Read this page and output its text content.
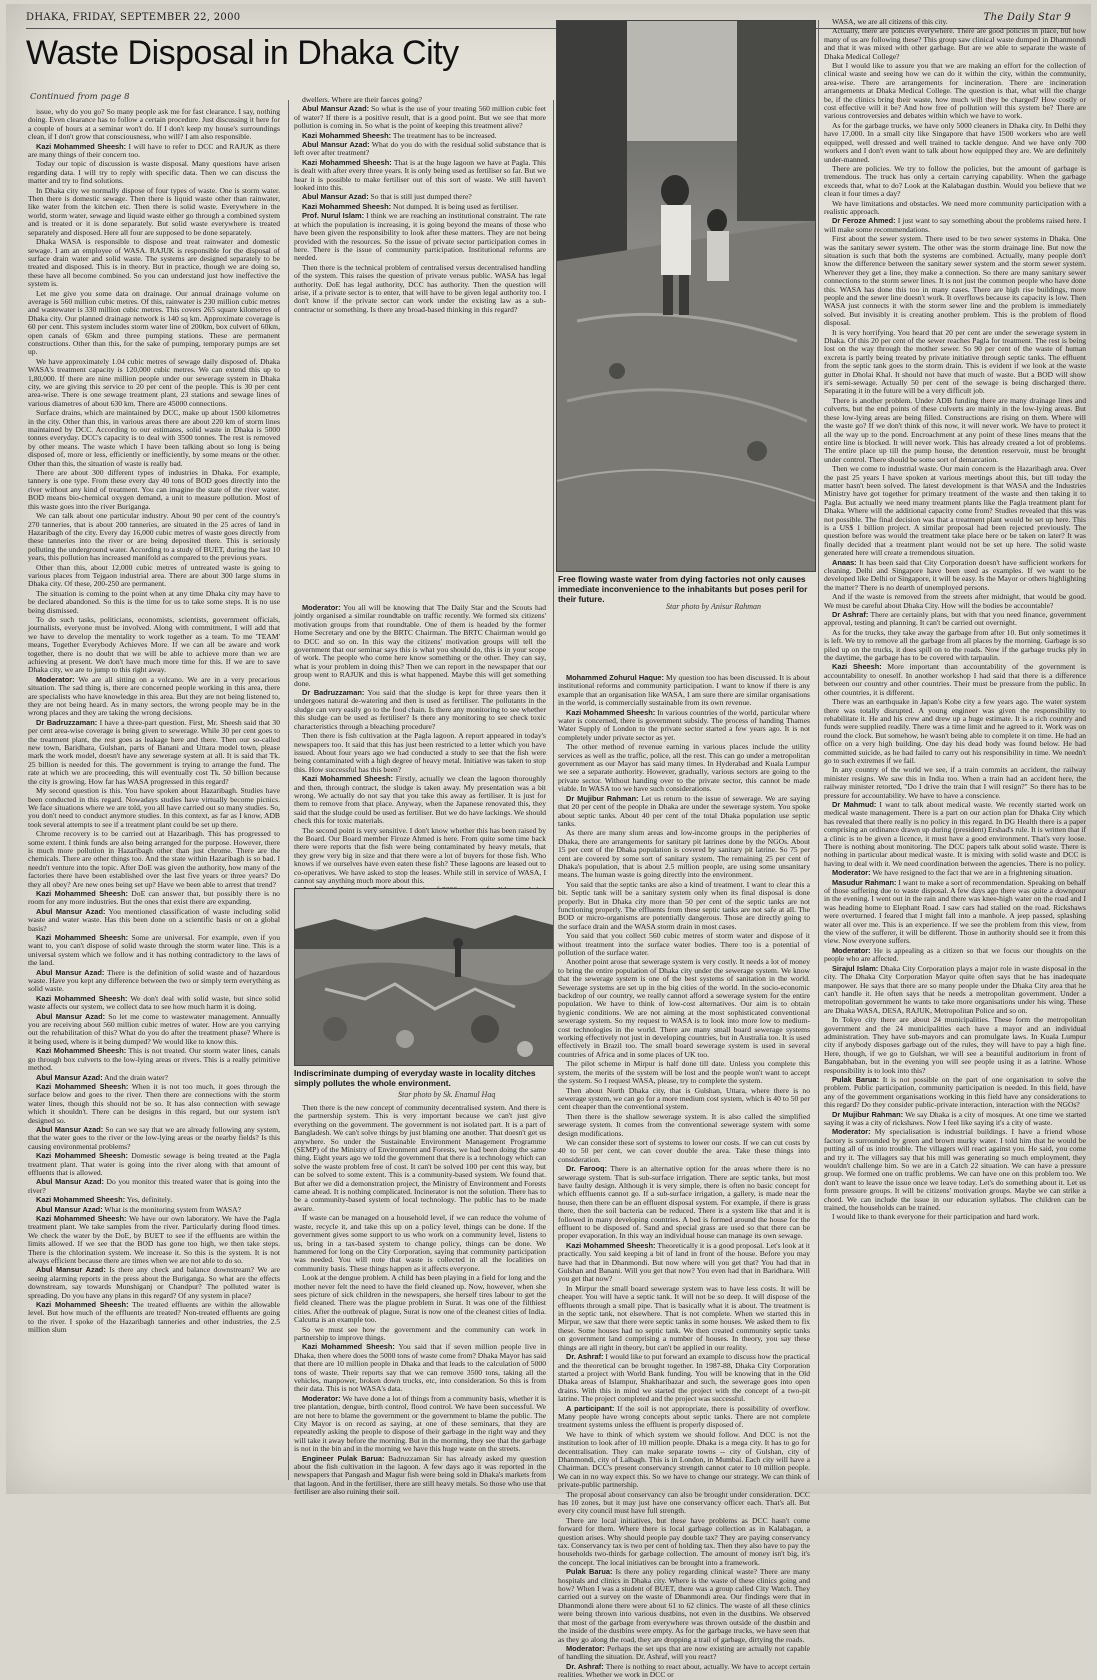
DHAKA, FRIDAY, SEPTEMBER 22, 2000	The Daily Star 9
Waste Disposal in Dhaka City
Continued from page 8

issue, why do you go? So many people ask me for fast clearance. I say, nothing doing. Even clearance has to follow a certain procedure. Just discussing it here for a couple of hours at a seminar won't do. If I don't keep my house's surroundings clean, if I don't grow that consciousness, who will? I am also responsible.

Kazi Mohammed Sheesh: I will have to refer to DCC and RAJUK as there are many things of their concern too.

Today our topic of discussion is waste disposal. Many questions have arisen regarding data. I will try to reply with specific data. Then we can discuss the matter and try to find solutions.

In Dhaka city we normally dispose of four types of waste. One is storm water. Then there is domestic sewage. Then there is liquid waste other than rainwater, like water from the kitchen etc. Then there is solid waste. Everywhere in the world, storm water, sewage and liquid waste either go through a combined system and is treated or it is done separately. But solid waste everywhere is treated separately and disposed. Here all four are supposed to be done separately.

Dhaka WASA is responsible to dispose and treat rainwater and domestic sewage. I am an employee of WASA. RAJUK is responsible for the disposal of surface drain water and solid waste. The systems are designed separately to be treated and disposed. This is in theory. But in practice, though we are doing so, these have all become combined. So you can understand just how ineffective the system is.

Let me give you some data on drainage. Our annual drainage volume on average is 560 million cubic metres. Of this, rainwater is 230 million cubic metres and wastewater is 330 million cubic metres. This covers 265 square kilometres of Dhaka city. Our planned drainage network is 140 sq km. Approximate coverage is 60 per cent. This system includes storm water line of 200km, box culvert of 60km, open canals of 65km and three pumping stations. These are permanent constructions. Other than this, for the sake of pumping, temporary pumps are set up.

We have approximately 1.04 cubic metres of sewage daily disposed of. Dhaka WASA's treatment capacity is 120,000 cubic metres. We can extend this up to 1,80,000. If there are nine million people under our sewerage system in Dhaka city, we are giving this service to 20 per cent of the people. This is 30 per cent area-wise. There is one sewage treatment plant, 23 stations and sewage lines of various diametres of about 630 km. There are 45000 connections.

Surface drains, which are maintained by DCC, make up about 1500 kilometres in the city. Other than this, in various areas there are about 220 km of storm lines maintained by DCC. According to our estimates, solid waste in Dhaka is 5000 tonnes everyday. DCC's capacity is to deal with 3500 tonnes. The rest is removed by other means. The waste which I have been talking about so long is being disposed of, more or less, efficiently or inefficiently, by some means or the other. Other than this, the situation of waste is really bad.

There are about 300 different types of industries in Dhaka. For example, tannery is one type. From these every day 40 tons of BOD goes directly into the river without any kind of treatment. You can imagine the state of the river water. BOD means bio-chemical oxygen demand, a unit to measure pollution. Most of this waste goes into the river Buriganga.

We can talk about one particular industry. About 90 per cent of the country's 270 tanneries, that is about 200 tanneries, are situated in the 25 acres of land in Hazaribagh of the city. Every day 16,000 cubic metres of waste goes directly from these tanneries into the river or are being deposited there. This is seriously polluting the underground water. According to a study of BUET, during the last 10 years, this pollution has increased manifold as compared to the previous years.

Other than this, about 12,000 cubic metres of untreated waste is going to various places from Tejgaon industrial area. There are about 300 large slums in Dhaka city. Of these, 200-250 are permanent.

The situation is coming to the point when at any time Dhaka city may have to be declared abandoned. So this is the time for us to take some steps. It is no use being dismissed.

To do such tasks, politicians, economists, scientists, government officials, journalists, everyone must be involved. Along with commitment, I will add that we have to develop the mentality to work together as a team. To me 'TEAM' means, Together Everybody Achieves More. If we can all be aware and work together, there is no doubt that we will be able to achieve more than we are achieving at present. We don't have much more time for this. If we are to save Dhaka city, we are to jump to this right away.

Moderator: We are all sitting on a volcano. We are in a very precarious situation. The sad thing is, there are concerned people working in this area, there are specialists who have knowledge in this area. But they are not being listened to, they are not being heard. As in many sectors, the wrong people may be in the wrong places and they are taking the wrong decisions.

Dr Badruzzaman: I have a three-part question. First, Mr. Sheesh said that 30 per cent area-wise coverage is being given to sewerage. While 30 per cent goes to the treatment plant, the rest goes as leakage here and there. Then our so-called new town, Baridhara, Gulshan, parts of Banani and Uttara model town, please mark the work model, doesn't have any sewerage system at all. It is said that Tk. 25 billion is needed for this. The government is trying to arrange the fund. The rate at which we are proceeding, this will eventually cost Tk. 50 billion because the city is growing. How far has WASA progressed in this regard?

My second question is this. You have spoken about Hazaribagh. Studies have been conducted in this regard. Nowadays studies have virtually become picnics. We face situations where we are told, you all have carried out so many studies. So, you don't need to conduct anymore studies. In this context, as far as I know, ADB took several attempts to see if a treatment plant could be set up there.

Chrome recovery is to be carried out at Hazaribagh. This has progressed to some extent. I think funds are also being arranged for the purpose. However, there is much more pollution in Hazaribagh other than just chrome. There are the chemicals. There are other things too. And the state within Hazaribagh is so bad. I needn't venture into the topic. After DoE was given the authority, how many of the factories there have been established over the last five years or three years? Do they all obey? Are new ones being set up? Have we been able to arrest that trend?

Kazi Mohammed Sheesh: DoE can answer that, but possibly there is no room for any more industries. But the ones that exist there are expanding.

Abul Mansur Azad: You mentioned classification of waste including solid waste and water waste. Has this been done on a scientific basis or on a global basis?

Kazi Mohammed Sheesh: Some are universal. For example, even if you want to, you can't dispose of solid waste through the storm water line. This is a universal system which we follow and it has nothing contradictory to the laws of the land.

Abul Mansur Azad: There is the definition of solid waste and of hazardous waste. Have you kept any difference between the two or simply term everything as solid waste.

Kazi Mohammed Sheesh: We don't deal with solid waste, but since solid waste affects our system, we collect data to see how much harm it is doing.

Abul Mansur Azad: So let me come to wastewater management. Annually you are receiving about 560 million cubic metres of water. How are you carrying out the rehabilitation of this? What do you do after the treatment phase? Where is it being used, where is it being dumped? We would like to know this.

Kazi Mohammed Sheesh: This is not treated. Our storm water lines, canals go through box culverts to the low-lying areas or rivers. This is a really primitive method.

Abul Mansur Azad: And the drain water?

Kazi Mohammed Sheesh: When it is not too much, it goes through the surface below and goes to the river. Then there are connections with the storm water lines, though this should not be so. It has also connection with sewage which it shouldn't. There can be designs in this regard, but our system isn't designed so.

Abul Mansur Azad: So can we say that we are already following any system, that the water goes to the river or the low-lying areas or the nearby fields? Is this causing environmental problems?

Kazi Mohammed Sheesh: Domestic sewage is being treated at the Pagla treatment plant. That water is going into the river along with that amount of effluents that is allowed.

Abul Mansur Azad: Do you monitor this treated water that is going into the river?

Kazi Mohammed Sheesh: Yes, definitely.

Abul Mansur Azad: What is the monitoring system from WASA?

Kazi Mohammed Sheesh: We have our own laboratory. We have the Pagla treatment plant. We take samples from the river. Particularly during flood times. We check the water by the DoE, by BUET to see if the effluents are within the limits allowed. If we see that the BOD has gone too high, we then take steps. There is the chlorination system. We increase it. So this is the system. It is not always efficient because there are times when we are not able to do so.

Abul Mansur Azad: Is there any check and balance downstream? We are seeing alarming reports in the press about the Buriganga. So what are the effects downstream, say towards Munshiganj or Chandpur? The polluted water is spreading. Do you have any plans in this regard? Of any system in place?

Kazi Mohammed Sheesh: The treated effluents are within the allowable level. But how much of the effluents are treated? Non-treated effluents are going to the river. I spoke of the Hazaribagh tanneries and other industries, the 2.5 million slum

dwellers. Where are their faeces going?

Abul Mansur Azad: So what is the use of your treating 560 million cubic feet of water? If there is a positive result, that is a good point. But we see that more pollution is coming in. So what is the point of keeping this treatment alive?

Kazi Mohammed Sheesh: The treatment has to be increased.

Abul Mansur Azad: What do you do with the residual solid substance that is left over after treatment?

Kazi Mohammed Sheesh: That is at the huge lagoon we have at Pagla. This is dealt with after every three years. It is only being used as fertiliser so far. But we hear it is possible to make fertiliser out of this sort of waste. We still haven't looked into this.

Abul Mansur Azad: So that is still just dumped there?

Kazi Mohammed Sheesh: Not dumped. It is being used as fertiliser.

Prof. Nurul Islam: I think we are reaching an institutional constraint. The rate at which the population is increasing, it is going beyond the means of those who have been given the responsibility to look after these matters. They are not being provided with the resources. So the issue of private sector participation comes in here. There is the issue of community participation. Institutional reforms are needed.

Then there is the technical problem of centralised versus decentralised handling of the system. This raises the question of private versus public. WASA has legal authority. DoE has legal authority, DCC has authority. Then the question will arise, if a private sector is to enter, that will have to be given legal authority too. I don't know if the private sector can work under the existing law as a sub-contractor or something. Is there any broad-based thinking in this regard?

Moderator: You all will be knowing that The Daily Star and the Scouts had jointly organised a similar roundtable on traffic recently. We formed six citizens' motivation groups from that roundtable. One of them is headed by the former Home Secretary and one by the BRTC Chairman. The BRTC Chairman would go to DCC and so on. In this way the citizens' motivation groups will tell the government that our seminar says this is what you should do, this is in your scope of work. The people who come here know something or the other. They can say, what is your problem in doing this? Then we can report in the newspaper that our group went to RAJUK and this is what happened. Maybe this will get something done.

Dr Badruzzaman: You said that the sludge is kept for three years then it undergoes natural de-watering and then is used as fertiliser. The pollutants in the sludge can very easily go to the food chain. Is there any monitoring to see whether this sludge can be used as fertiliser? Is there any monitoring to see check toxic characteristics through a bleaching procedure?

Then there is fish cultivation at the Pagla lagoon. A report appeared in today's newspapers too. It said that this has just been restricted to a letter which you have issued. About four years ago we had conducted a study to see that the fish were being contaminated with a high degree of heavy metal. Initiative was taken to stop this. How successful has this been?

Kazi Mohammed Sheesh: Firstly, actually we clean the lagoon thoroughly and then, through contract, the sludge is taken away. My presentation was a bit wrong. We actually do not say that you take this away as fertiliser. It is just for them to remove from that place. Anyway, when the Japanese renovated this, they said that the sludge could be used as fertiliser. But we do have lackings. We should check this for toxic materials.

The second point is very sensitive. I don't know whether this has been raised by the Board. Our Board member Firoze Ahmed is here. From quite some time back there were reports that the fish were being contaminated by heavy metals, that they grew very big in size and that there were a lot of buyers for those fish. Who knows if we ourselves have even eaten these fish? These lagoons are leased out to co-operatives. We have asked to stop the leases. While still in service of WASA, I cannot say anything much more about this.

Free flowing waste water from dying factories not only causes immediate inconvenience to the inhabitants but poses peril for their future.
Star photo by Anisur Rahman

Mohammed Zohurul Haque: My question too has been discussed. It is about institutional reforms and community participation. I want to know if there is any example that an organisation like WASA, I am sure there are similar organisations in the world, is commercially sustainable from its own revenue.

Kazi Mohammed Sheesh: In various countries of the world, particular where water is concerned, there is government subsidy. The process of handing Thames Water Supply of London to the private sector started a few years ago. It is not completely under private sector as yet.

The other method of revenue earning in various places include the utility services as well as the traffic, police, all the rest. This can go under a metropolitan government as our Mayor has said many times. In Hyderabad and Kuala Lumpur we see a separate authority. However, gradually, various sectors are going to the private sector. Without handing over to the private sector, this cannot be made viable. In WASA too we have such considerations.

Dr Mujibur Rahman: Let us return to the issue of sewerage. We are saying that 20 per cent of the people in Dhaka are under the sewerage system. You spoke about septic tanks. About 40 per cent of the total Dhaka population use septic tanks.

As there are many slum areas and low-income groups in the peripheries of Dhaka, there are arrangements for sanitary pit latrines done by the NGOs. About 15 per cent of the Dhaka population is covered by sanitary pit latrine. So 75 per cent are covered by some sort of sanitary system. The remaining 25 per cent of Dhaka's population, that is about 2.5 million people, are using some unsanitary means. The human waste is going directly into the environment.

You said that the septic tanks are also a kind of treatment. I want to clear this a bit. Septic tank will be a sanitary system only when its final disposal is done properly. But in Dhaka city more than 50 per cent of the septic tanks are not functioning properly. The effluents from these septic tanks are not safe at all. The BOD or micro-organisms are potentially dangerous. Those are directly going to the surface drain and the WASA storm drain in most cases.

You said that you collect 560 cubic metres of storm water and dispose of it without treatment into the surface water bodies. There too is a potential of pollution of the surface water.

Another point arose that sewerage system is very costly. It needs a lot of money to bring the entire population of Dhaka city under the sewerage system. We know that the sewerage system is one of the best systems of sanitation in the world. Sewerage systems are set up in the big cities of the world. In the socio-economic backdrop of our country, we really cannot afford a sewerage system for the entire population. We have to think of low-cost alternatives. Our aim is to obtain hygienic conditions. We are not aiming at the most sophisticated conventional sewerage system. So my request to WASA is to look into more low to medium-cost technologies in the world. There are many small board sewerage systems working effectively not just in developing countries, but in Australia too. It is used effectively in Brazil too. The small board sewerage system is used in several countries of Africa and in some places of UK too.

The pilot scheme in Mirpur is half done till date. Unless you complete this system, the merits of the system will be lost and the people won't want to accept the system. So I request WASA, please, try to complete the system.

Then about North Dhaka city, that is Gulshan, Uttara, where there is no sewerage system, we can go for a more medium cost system, which is 40 to 50 per cent cheaper than the conventional system.

Then there is the shallow sewerage system. It is also called the simplified sewerage system. It comes from the conventional sewerage system with some design modifications.

We can consider these sort of systems to lower our costs. If we can cut costs by 40 to 50 per cent, we can cover double the area. Take these things into consideration.

Dr. Farooq: There is an alternative option for the areas where there is no sewerage system. That is sub-surface irrigation. There are septic tanks, but most have faulty design. Although it is very simple, there is often no basic concept for which effluents cannot go. If a sub-surface irrigation, a gallery, is made near the house, then there can be an effluent disposal system. For example, if there is grass there, then the soil bacteria can be reduced. There is a system like that and it is followed in many developing countries. A bed is formed around the house for the effluent to be disposed of. Sand and special grass are used so that there can be proper evaporation. In this way an individual house can manage its own sewage.

Kazi Mohammed Sheesh: Theoretically it is a good proposal. Let's look at it practically. You said keeping a bit of land in front of the house. Before you may have had that in Dhanmondi. But now where will you get that? You had that in Gulshan and Banani. Will you get that now? You even had that in Baridhara. Will you get that now?

In Mirpur the small board sewerage system was to have less costs. It will be cheaper. You will have a septic tank. It will not be so deep. It will dispose of the effluents through a small pipe. That is basically what it is about. The treatment is in the septic tank, not elsewhere. That is not complete. When we started this in Mirpur, we saw that there were septic tanks in some houses. We asked them to fix these. Some houses had no septic tank. We then created community septic tanks on government land comprising a number of houses. In theory, you say these things are all right in theory, but can't be applied in our reality.

Dr. Ashraf: I would like to put forward an example to discuss how the practical and the theoretical can be brought together. In 1987-88, Dhaka City Corporation started a project with World Bank funding. You will be knowing that in the Old Dhaka areas of Islampur, Shakharibazar and such, the sewerage goes into open drains. With this in mind we started the project with the concept of a two-pit latrine. The project completed and the project was successful.

A participant: If the soil is not appropriate, there is possibility of overflow. Many people have wrong concepts about septic tanks. There are not complete treatment systems unless the effluent is properly disposed of.

We have to think of which system we should follow. And DCC is not the institution to look after of 10 million people. Dhaka is a mega city. It has to go for decentralisation. They can make separate towns -- city of Gulshan, city of Dhanmondi, city of Lalbagh. This is in London, in Mumbai. Each city will have a Chairman. DCC's present conservancy strength cannot cater to 10 million people. We can in no way expect this. So we have to change our strategy. We can think of private-public partnership.

The proposal about conservancy can also be brought under consideration. DCC has 10 zones, but it may just have one conservancy officer each. That's all. But every city council must have full strength.

There are local initiatives, but these have problems as DCC hasn't come forward for them. Where there is local garbage collection as in Kalabagan, a question arises. Why should people pay double tax? They are paying conservancy tax. Conservancy tax is two per cent of holding tax. Then they also have to pay the households two-thirds for garbage collection. The amount of money isn't big, it's the concept. The local initiatives can be brought into a framework.

Pulak Barua: Is there any policy regarding clinical waste? There are many hospitals and clinics in Dhaka city. Where is the waste of these clinics going and how? When I was a student of BUET, there was a group called City Watch. They carried out a survey on the waste of Dhanmondi area. Our findings were that in Dhanmondi alone there were about 61 to 62 clinics. The waste of all these clinics were being thrown into various dustbins, not even in the dustbins. We observed that most of the garbage from everywhere was thrown outside of the dustbin and the inside of the dustbins were empty. As for the garbage trucks, we have seen that as they go along the road, they are dropping a trail of garbage, dirtying the roads.

Moderator: Perhaps the set ups that are now existing are actually not capable of handling the situation. Dr. Ashraf, will you react?

Dr. Ashraf: There is nothing to react about, actually. We have to accept certain realities. Whether we work in DCC or

Indiscriminate dumping of everyday waste in locality ditches simply pollutes the whole environment.
Star photo by Sk. Enamul Haq

Then there is the new concept of community decentralised system. And there is the partnership system. This is very important because we can't just give everything on the government. The government is not isolated part. It is a part of Bangladesh. We can't solve things by just blaming one another. That doesn't get us anywhere. So under the Sustainable Environment Management Programme (SEMP) of the Ministry of Environment and Forests, we had been doing the same thing. Eight years ago we told the government that there is a technology which can solve the waste problem free of cost. It can't be solved 100 per cent this way, but can be solved to some extent. This is a community-based system. We found that. But after we did a demonstration project, the Ministry of Environment and Forests came ahead. It is nothing complicated. Incinerator is not the solution. There has to be a community-based system of local technology. The public has to be made aware.

If waste can be managed on a household level, if we can reduce the volume of waste, recycle it, and take this up on a policy level, things can be done. If the government gives some support to us who work on a community level, listens to us, bring in a tax-based system to change policy, things can be done. We hammered for long on the City Corporation, saying that community participation was needed. You will note that waste is collected in all the localities on community basis. These things happen as it affects everyone.

Look at the dengue problem. A child has been playing in a field for long and the mother never felt the need to have the field cleaned up. Now, however, when she sees picture of sick children in the newspapers, she herself tires labour to get the field cleaned. There was the plague problem in Surat. It was one of the filthiest cities. After the outbreak of plague, Surat is now one of the cleanest cities of India. Calcutta is an example too.

So we must see how the government and the community can work in partnership to improve things.

Kazi Mohammed Sheesh: You said that if seven million people live in Dhaka, then where does the 5000 tons of waste come from? Dhaka Mayor has said that there are 10 million people in Dhaka and that leads to the calculation of 5000 tons of waste. Their reports say that we can remove 3500 tons, taking all the vehicles, manpower, broken down trucks, etc, into consideration. So this is from their data. This is not WASA's data.

Moderator: We have done a lot of things from a community basis, whether it is tree plantation, dengue, birth control, flood control. We have been successful. We are not here to blame the government or the government to blame the public. The City Mayor is on record as saying, at one of these seminars, that they are repeatedly asking the people to dispose of their garbage in the right way and they will take it away before the morning. But in the morning, they see that the garbage is not in the bin and in the morning we have this huge waste on the streets.

Engineer Pulak Barua: Badruzzaman Sir has already asked my question about the fish cultivation in the lagoon. A few days ago it was reported in the newspapers that Pangash and Magur fish were being sold in Dhaka's markets from that lagoon. And in the fertiliser, there are still heavy metals. So those who use that fertiliser are also ruining their soil.

WASA, we are all citizens of this city.

Actually, there are policies everywhere. There are good policies in place, but how many of us are following these? This group saw clinical waste dumped in Dhanmondi and that it was mixed with other garbage. But are we able to separate the waste of Dhaka Medical College?

But I would like to assure you that we are making an effort for the collection of clinical waste and seeing how we can do it within the city, within the community, area-wise. There are arrangements for incineration. There are incineration arrangements at Dhaka Medical College. The question is that, what will the charge be, if the clinics bring their waste, how much will they be charged? How costly or cost effective will it be? And how free of pollution will this system be? There are various controversies and debates within which we have to work.

As for the garbage trucks, we have only 5000 cleaners in Dhaka city. In Delhi they have 17,000. In a small city like Singapore that have 1500 workers who are well equipped, well dressed and well trained to tackle dengue. And we have only 700 workers and I don't even want to talk about how equipped they are. We are definitely under-manned.

There are policies. We try to follow the policies, but the amount of garbage is tremendous. The truck has only a certain carrying capability. When the garbage exceeds that, what to do? Look at the Kalabagan dustbin. Would you believe that we clean it four times a day?

We have limitations and obstacles. We need more community participation with a realistic approach.

Dr Feroze Ahmed: I just want to say something about the problems raised here. I will make some recommendations.

First about the sewer system. There used to be two sewer systems in Dhaka. One was the sanitary sewer system. The other was the storm drainage line. But now the situation is such that both the systems are combined. Actually, many people don't know the difference between the sanitary sewer system and the storm sewer system. Wherever they get a line, they make a connection. So there are many sanitary sewer connections to the storm sewer lines. It is not just the common people who have done this. WASA has done this too in many cases. There are high rise buildings, more people and the sewer line doesn't work. It overflows because its capacity is low. Then WASA just connects it with the storm sewer line and the problem is immediately solved. But invisibly it is creating another problem. This is the problem of flood disposal.

It is very horrifying. You heard that 20 per cent are under the sewerage system in Dhaka. Of this 20 per cent of the sewer reaches Pagla for treatment. The rest is being lost on the way through the mother sewer. So 90 per cent of the waste of human excreta is partly being treated by private initiative through septic tanks. The effluent from the septic tank goes to the storm drain. This is evident if we look at the waste gutter in Dholai Khal. It should not have that much of waste. But a BOD will show it's semi-sewage. Actually 50 per cent of the sewage is being discharged there. Separating it in the future will be a very difficult job.

There is another problem. Under ADB funding there are many drainage lines and culverts, but the end points of these culverts are mainly in the low-lying areas. But these low-lying areas are being filled. Constructions are rising on them. Where will the waste go? If we don't think of this now, it will never work. We have to protect it all the way up to the pond. Encroachment at any point of these lines means that the entire line is blocked. It will never work. This has already created a lot of problems. The entire place up till the pump house, the detention reservoir, must be brought under control. There should be some sort of demarcation.

Then we come to industrial waste. Our main concern is the Hazaribagh area. Over the past 25 years I have spoken at various meetings about this, but till today the matter hasn't been solved. The latest development is that WASA and the Industries Ministry have got together for primary treatment of the waste and then taking it to Pagla. But actually we need many treatment plants like the Pagla treatment plant for Dhaka. Where will the additional capacity come from? Studies revealed that this was not possible. The final decision was that a treatment plant would be set up here. This is a US$ 1 billion project. A similar proposal had been rejected previously. The question before was would the treatment take place here or be taken on later? It was finally decided that a treatment plant would not be set up here. The solid waste generated here will create a tremendous situation.

Anaas: It has been said that City Corporation doesn't have sufficient workers for cleaning. Delhi and Singapore have been used as examples. If we want to be developed like Delhi or Singapore, it will be easy. Is the Mayor or others highlighting the matter? There is no dearth of unemployed persons.

And if the waste is removed from the streets after midnight, that would be good. We must be careful about Dhaka City. How will the bodies be accountable?

Dr Ashraf: There are certainly plans, but with that you need finance, government approval, testing and planning. It can't be carried out overnight.

As for the trucks, they take away the garbage from after 10. But only sometimes it is left. We try to remove all the garbage from all places by the morning. Garbage is so piled up on the trucks, it does spill on to the roads. Now if the garbage trucks ply in the daytime, the garbage has to be covered with tarpaulin.

Kazi Sheesh: More important than accountability of the government is accountability to oneself. In another workshop I had said that there is a difference between our country and other countries. Their must be pressure from the public. In other countries, it is different.

There was an earthquake in Japan's Kobe city a few years ago. The water system there was totally disrupted. A young engineer was given the responsibility to rehabilitate it. He and his crew and drew up a huge estimate. It is a rich country and funds were supplied readily. There was a time limit and he agreed to it. Work was on round the clock. But somehow, he wasn't being able to complete it on time. He had an office on a very high building. One day his dead body was found below. He had committed suicide, as he had failed to carry out his responsibility in time. We needn't go to such extremes if we fail.

In any country of the world we see, if a train commits an accident, the railway minister resigns. We saw this in India too. When a train had an accident here, the railway minister retorted, "Do I drive the train that I will resign?" So there has to be pressure for accountability. We have to have a conscience.

Dr Mahmud: I want to talk about medical waste. We recently started work on medical waste management. There is a part on our action plan for Dhaka City which has revealed that there really is no policy in this regard. In DG Health there is a paper comprising an ordinance drawn up during (president) Ershad's rule. It is written that if a clinic is to be given a licence, it must have a good environment. That's very loose. There is nothing about monitoring. The DCC papers talk about solid waste. There is nothing in particular about medical waste. It is mixing with solid waste and DCC is having to deal with it. We need coordination between the agencies. There is no policy.

Moderator: We have resigned to the fact that we are in a frightening situation.

Masudur Rahman: I want to make a sort of recommendation. Speaking on behalf of those suffering due to waste disposal. A few days ago there was quite a downpour in the evening. I went out in the rain and there was knee-high water on the road and I was heading home to Elephant Road. I saw cars had stalled on the road. Rickshaws were overturned. I feared that I might fall into a manhole. A jeep passed, splashing water all over me. This is an experience. If we see the problem from this view, from the view of the sufferer, it will be different. Those in authority should see it from this view. Now everyone suffers.

Moderator: He is appealing as a citizen so that we focus our thoughts on the people who are affected.

Sirajul Islam: Dhaka City Corporation plays a major role in waste disposal in the city. The Dhaka City Corporation Mayor quite often says that he has inadequate manpower. He says that there are so many people under the Dhaka City area that he can't handle it. He often says that he needs a metropolitan government. Under a metropolitan government he wants to take more organisations under his wing. These are Dhaka WASA, DESA, RAJUK, Metropolitan Police and so on.

In Tokyo city there are about 24 municipalities. These form the metropolitan government and the 24 municipalities each have a mayor and an individual administration. They have sub-mayors and can promulgate laws. In Kuala Lumpur city if anybody disposes garbage out of the rules, they will have to pay a high fine. Here, though, if we go to Gulshan, we will see a beautiful auditorium in front of Bangabhaban, but in the evening you will see people using it as a latrine. Whose responsibility is to look into this?

Pulak Barua: It is not possible on the part of one organisation to solve the problem. Public participation, community participation is needed. In this field, have any of the government organisations working in this field have any considerations to this regard? Do they consider public-private interaction, interaction with the NGOs?

Dr Mujibur Rahman: We say Dhaka is a city of mosques. At one time we started saying it was a city of rickshaws. Now I feel like saying it's a city of waste.

Moderator: My specialisation is industrial buildings. I have a friend whose factory is surrounded by green and brown murky water. I told him that he would be putting all of us into trouble. The villagers will react against you. He said, you come and try it. The villagers say that his mill was generating so much employment, they wouldn't challenge him. So we are in a Catch 22 situation. We can have a pressure group. We formed one on traffic problems. We can have one on this problem too. We don't want to leave the issue once we leave today. Let's do something about it. Let us form pressure groups. It will be citizens' motivation groups. Maybe we can strike a chord. We can include the issue in our education syllabus. The children can be trained, the households can be trained.

I would like to thank everyone for their participation and hard work.
